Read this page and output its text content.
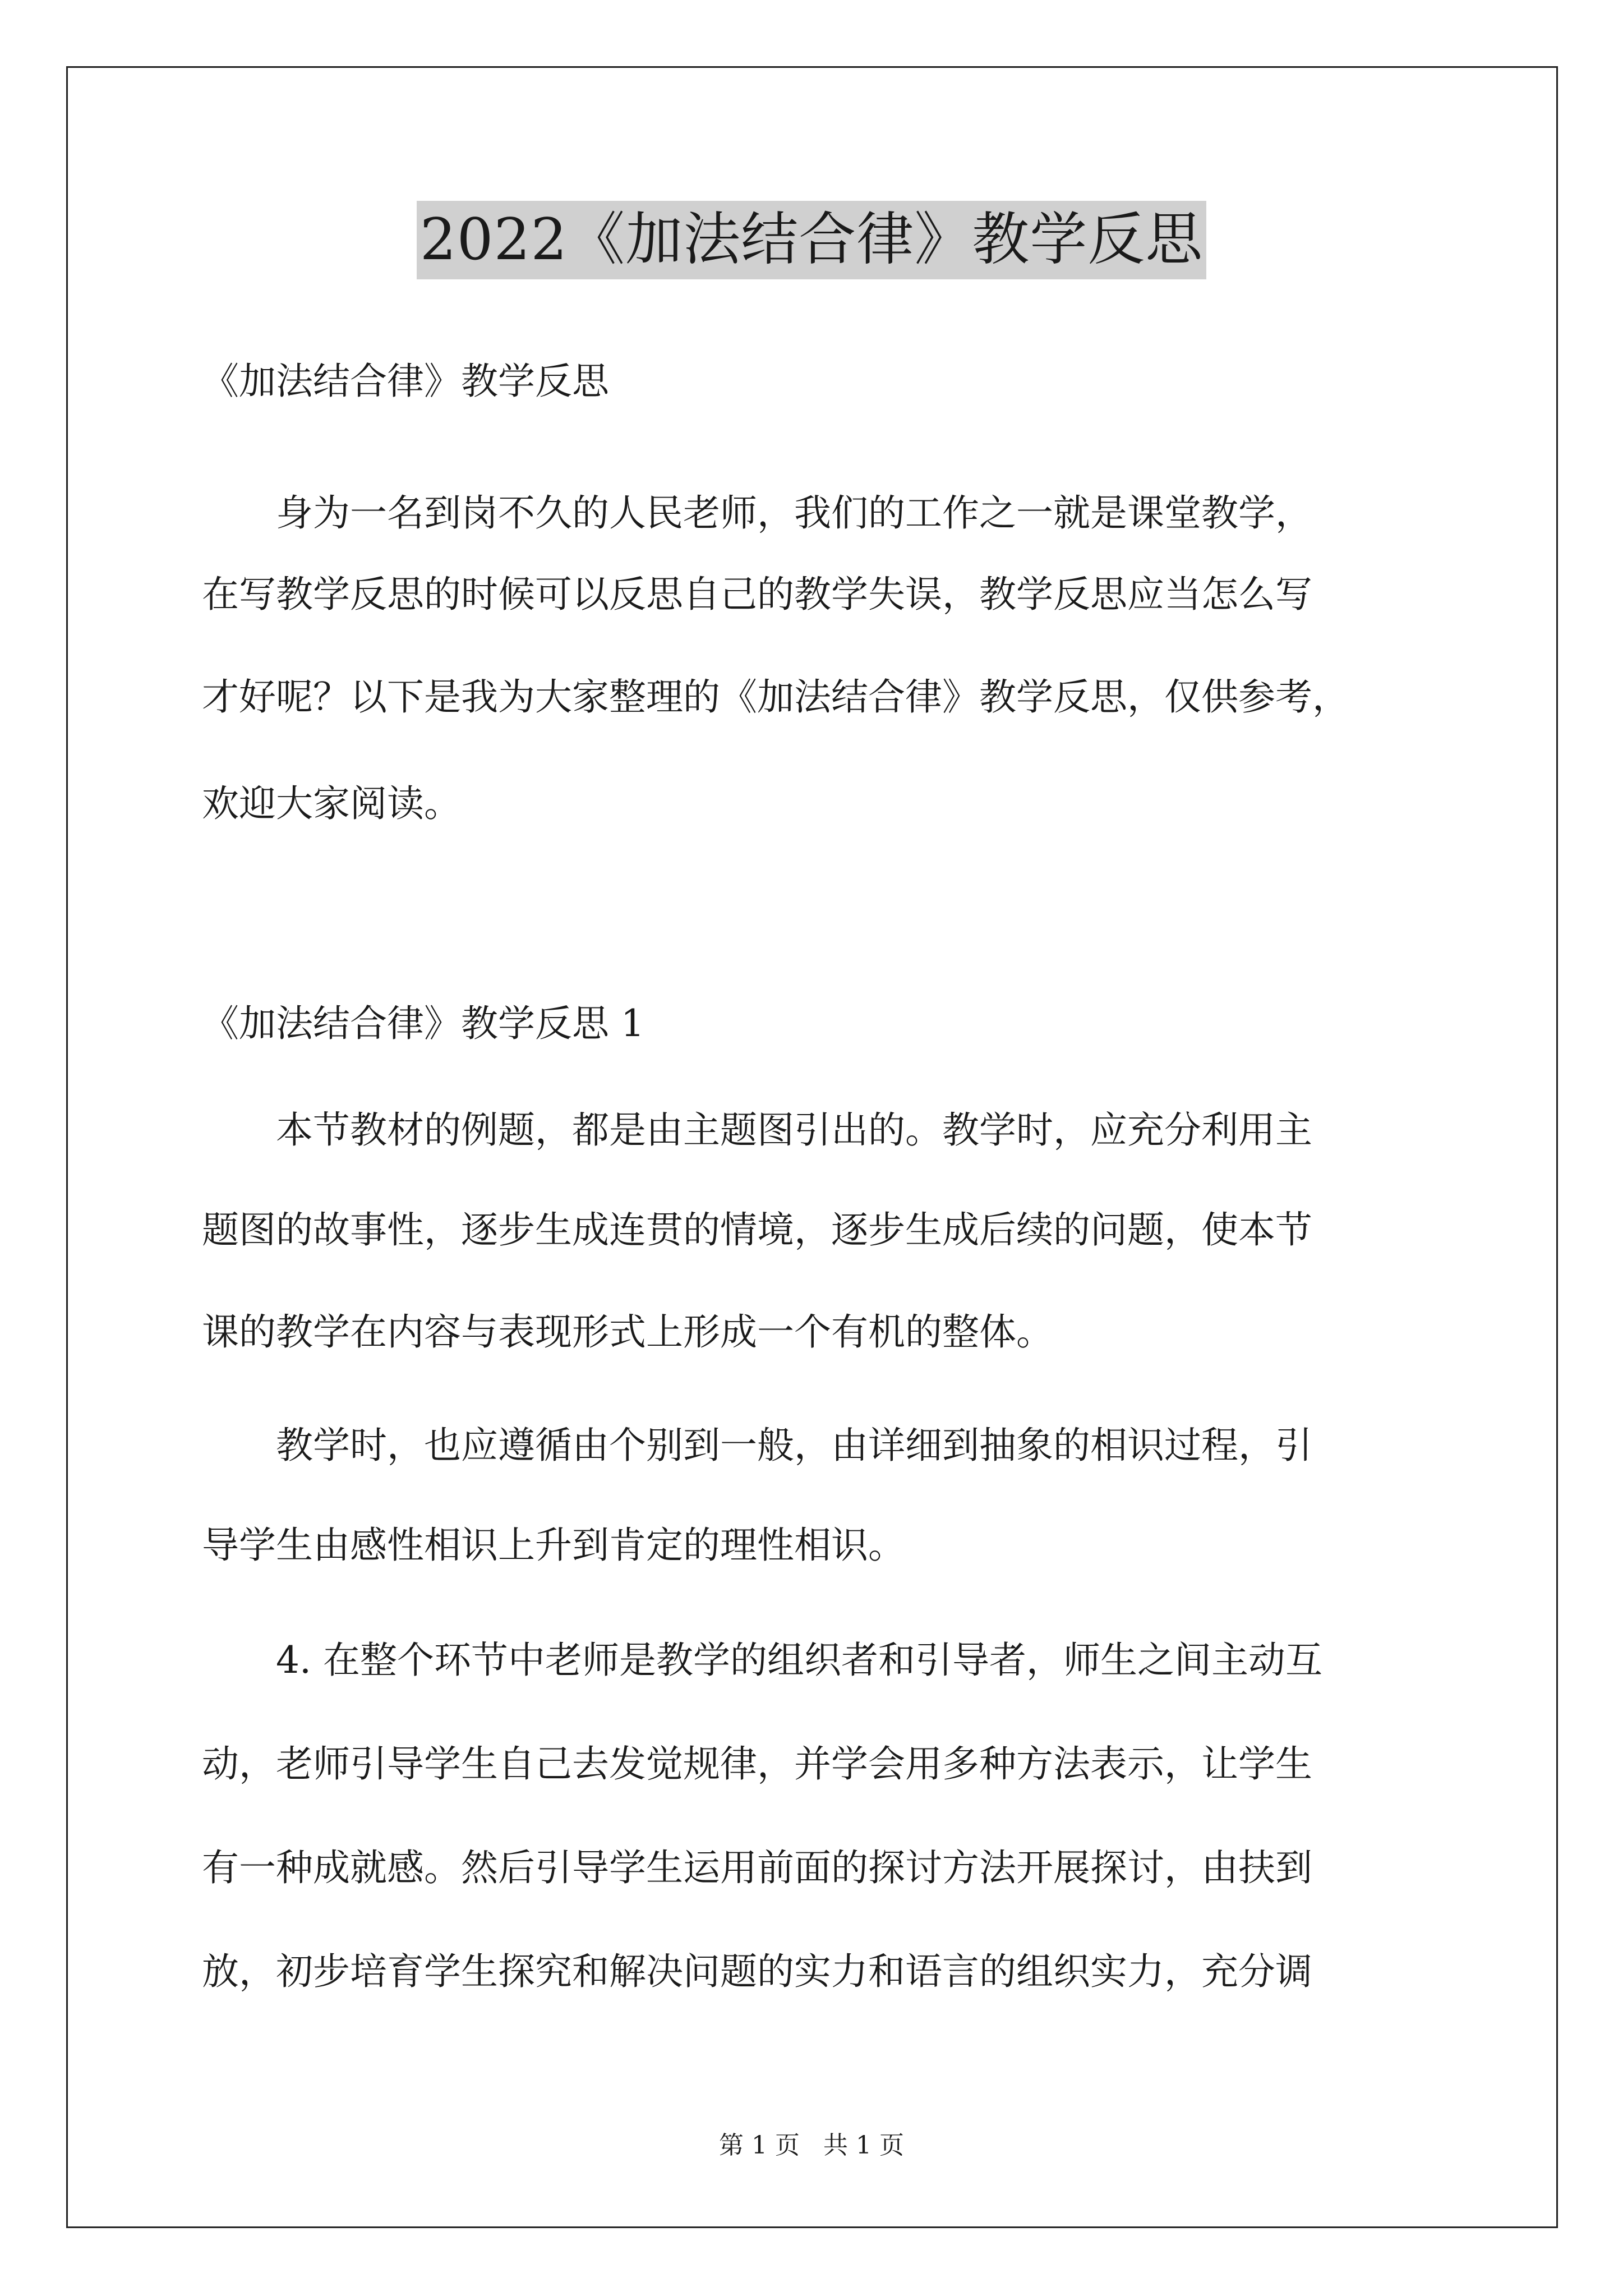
2022《加法结合律》教学反思
《加法结合律》教学反思
　　身为一名到岗不久的人民老师，我们的工作之一就是课堂教学，
在写教学反思的时候可以反思自己的教学失误，教学反思应当怎么写
才好呢？以下是我为大家整理的《加法结合律》教学反思，仅供参考，
欢迎大家阅读。
《加法结合律》教学反思 1
　　本节教材的例题，都是由主题图引出的。教学时，应充分利用主
题图的故事性，逐步生成连贯的情境，逐步生成后续的问题，使本节
课的教学在内容与表现形式上形成一个有机的整体。
　　教学时，也应遵循由个别到一般，由详细到抽象的相识过程，引
导学生由感性相识上升到肯定的理性相识。
　　4. 在整个环节中老师是教学的组织者和引导者，师生之间主动互
动，老师引导学生自己去发觉规律，并学会用多种方法表示，让学生
有一种成就感。然后引导学生运用前面的探讨方法开展探讨，由扶到
放，初步培育学生探究和解决问题的实力和语言的组织实力，充分调
第 1 页 共 1 页
